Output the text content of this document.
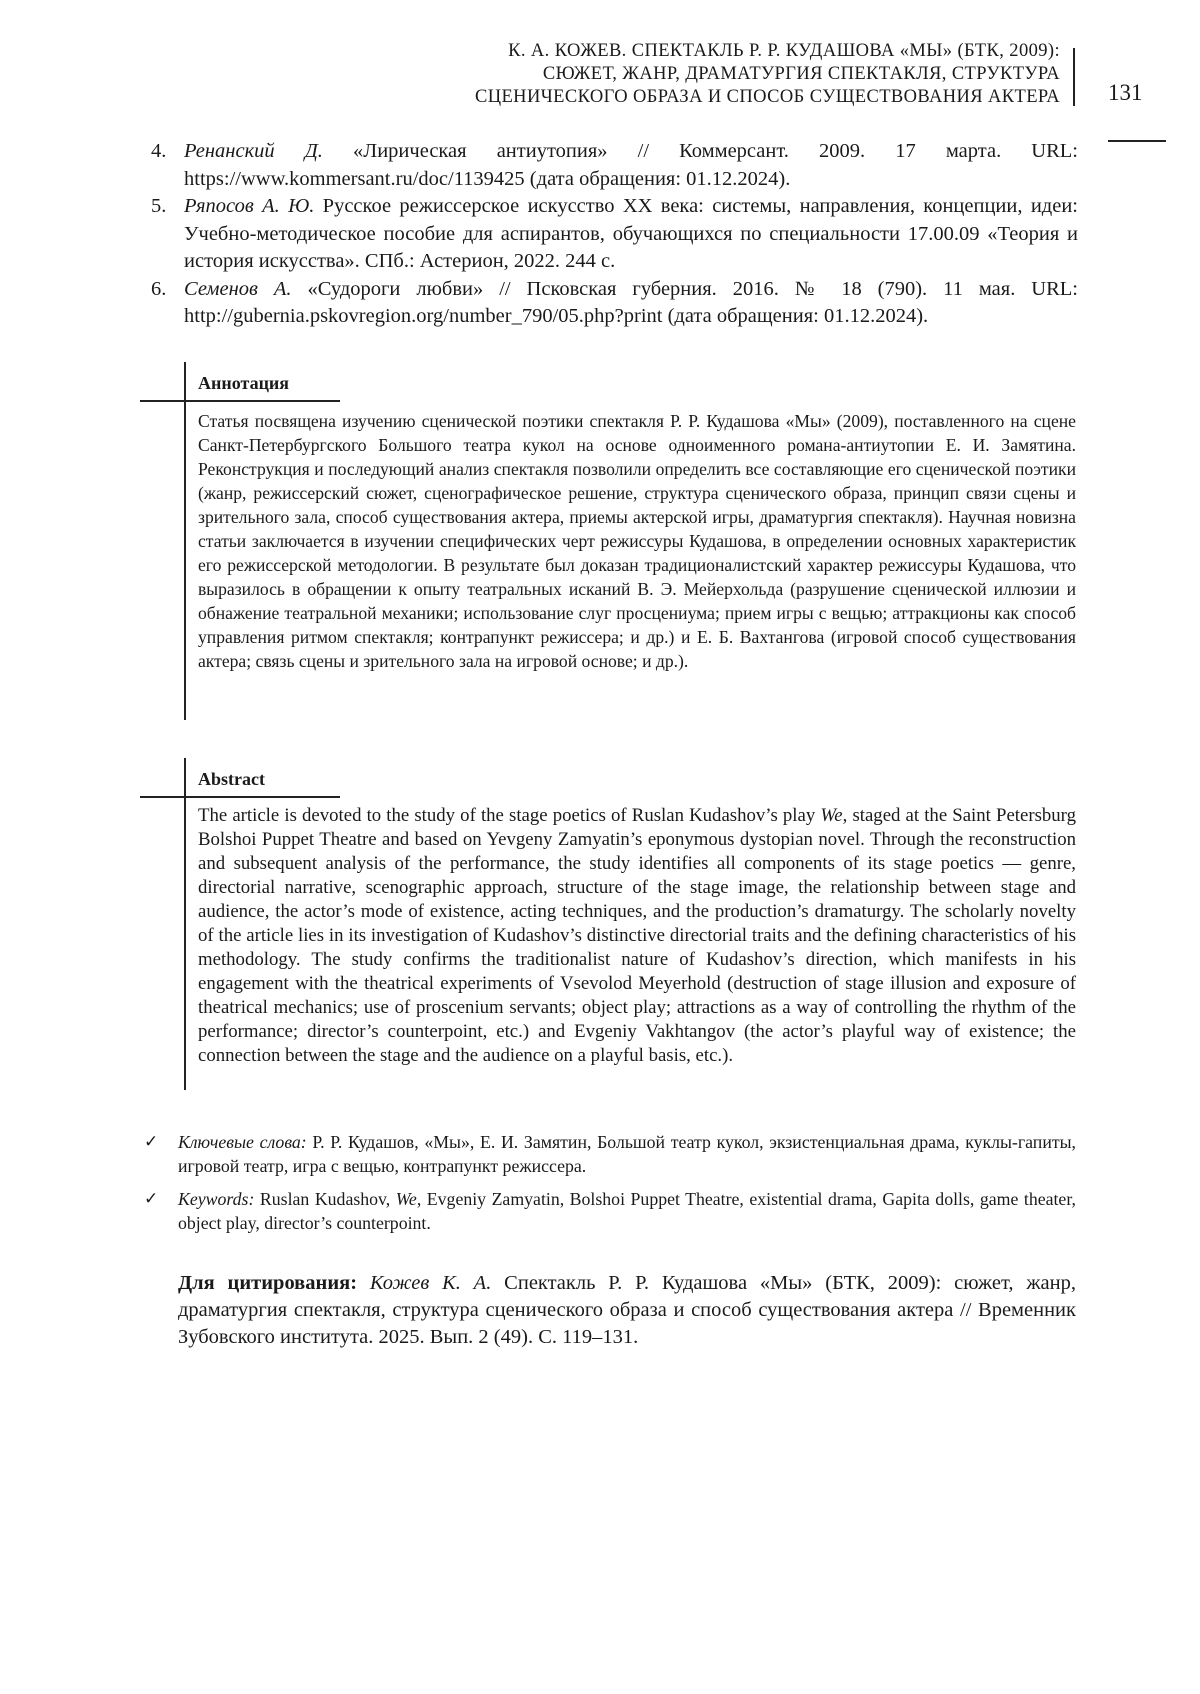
К. А. КОЖЕВ. СПЕКТАКЛЬ Р. Р. КУДАШОВА «МЫ» (БТК, 2009):
СЮЖЕТ, ЖАНР, ДРАМАТУРГИЯ СПЕКТАКЛЯ, СТРУКТУРА
СЦЕНИЧЕСКОГО ОБРАЗА И СПОСОБ СУЩЕСТВОВАНИЯ АКТЕРА 131
4. Ренанский Д. «Лирическая антиутопия» // Коммерсант. 2009. 17 марта. URL: https://www.kommersant.ru/doc/1139425 (дата обращения: 01.12.2024).
5. Ряпосов А. Ю. Русское режиссерское искусство XX века: системы, направления, концепции, идеи: Учебно-методическое пособие для аспирантов, обучающихся по специальности 17.00.09 «Теория и история искусства». СПб.: Астерион, 2022. 244 с.
6. Семенов А. «Судороги любви» // Псковская губерния. 2016. № 18 (790). 11 мая. URL: http://gubernia.pskovregion.org/number_790/05.php?print (дата обращения: 01.12.2024).
Аннотация

Статья посвящена изучению сценической поэтики спектакля Р. Р. Кудашова «Мы» (2009), поставленного на сцене Санкт-Петербургского Большого театра кукол на основе одноименного романа-антиутопии Е. И. Замятина. Реконструкция и последующий анализ спектакля позволили определить все составляющие его сценической поэтики (жанр, режиссерский сюжет, сценографическое решение, структура сценического образа, принцип связи сцены и зрительного зала, способ существования актера, приемы актерской игры, драматургия спектакля). Научная новизна статьи заключается в изучении специфических черт режиссуры Кудашова, в определении основных характеристик его режиссерской методологии. В результате был доказан традиционалистский характер режиссуры Кудашова, что выразилось в обращении к опыту театральных исканий В. Э. Мейерхольда (разрушение сценической иллюзии и обнажение театральной механики; использование слуг просцениума; прием игры с вещью; аттракционы как способ управления ритмом спектакля; контрапункт режиссера; и др.) и Е. Б. Вахтангова (игровой способ существования актера; связь сцены и зрительного зала на игровой основе; и др.).

Abstract

The article is devoted to the study of the stage poetics of Ruslan Kudashov’s play We, staged at the Saint Petersburg Bolshoi Puppet Theatre and based on Yevgeny Zamyatin’s eponymous dystopian novel. Through the reconstruction and subsequent analysis of the performance, the study identifies all components of its stage poetics — genre, directorial narrative, scenographic approach, structure of the stage image, the relationship between stage and audience, the actor’s mode of existence, acting techniques, and the production’s dramaturgy. The scholarly novelty of the article lies in its investigation of Kudashov’s distinctive directorial traits and the defining characteristics of his methodology. The study confirms the traditionalist nature of Kudashov’s direction, which manifests in his engagement with the theatrical experiments of Vsevolod Meyerhold (destruction of stage illusion and exposure of theatrical mechanics; use of proscenium servants; object play; attractions as a way of controlling the rhythm of the performance; director’s counterpoint, etc.) and Evgeniy Vakhtangov (the actor’s playful way of existence; the connection between the stage and the audience on a playful basis, etc.).

✓ Ключевые слова: Р. Р. Кудашов, «Мы», Е. И. Замятин, Большой театр кукол, экзистенциальная драма, куклы-гапиты, игровой театр, игра с вещью, контрапункт режиссера.
✓ Keywords: Ruslan Kudashov, We, Evgeniy Zamyatin, Bolshoi Puppet Theatre, existential drama, Gapita dolls, game theater, object play, director’s counterpoint.
Для цитирования: Кожев К. А. Спектакль Р. Р. Кудашова «Мы» (БТК, 2009): сюжет, жанр, драматургия спектакля, структура сценического образа и способ существования актера // Временник Зубовского института. 2025. Вып. 2 (49). С. 119–131.
